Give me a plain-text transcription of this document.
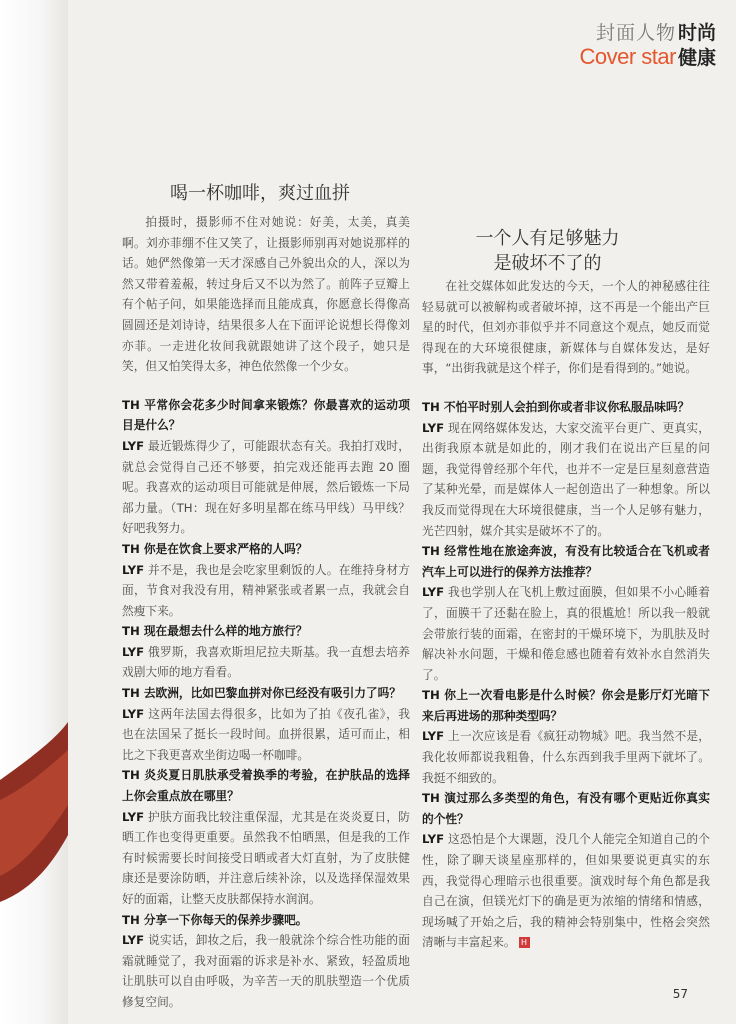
封面人物 时尚
Cover star 健康
喝一杯咖啡，爽过血拼
一个人有足够魅力
是破坏不了的

拍摄时，摄影师不住对她说：好美，太美，真美啊。刘亦菲绷不住又笑了，让摄影师别再对她说那样的话。她俨然像第一天才深感自己外貌出众的人，深以为然又带着羞赧，转过身后又不以为然了。前阵子豆瓣上有个帖子问，如果能选择而且能成真，你愿意长得像高圆圆还是刘诗诗，结果很多人在下面评论说想长得像刘亦菲。一走进化妆间我就跟她讲了这个段子，她只是笑，但又怕笑得太多，神色依然像一个少女。

TH 平常你会花多少时间拿来锻炼？你最喜欢的运动项目是什么？

LYF 最近锻炼得少了，可能跟状态有关。我拍打戏时，就总会觉得自己还不够要，拍完戏还能再去跑 20 圈呢。我喜欢的运动项目可能就是伸展，然后锻炼一下局部力量。（TH：现在好多明星都在练马甲线）马甲线？好吧我努力。

TH 你是在饮食上要求严格的人吗？

LYF 并不是，我也是会吃家里剩饭的人。在维持身材方面，节食对我没有用，精神紧张或者累一点，我就会自然瘦下来。

TH 现在最想去什么样的地方旅行？

LYF 俄罗斯，我喜欢斯坦尼拉夫斯基。我一直想去培养戏剧大师的地方看看。

TH 去欧洲，比如巴黎血拼对你已经没有吸引力了吗？

LYF 这两年法国去得很多，比如为了拍《夜孔雀》，我也在法国呆了挺长一段时间。血拼很累，适可而止，相比之下我更喜欢坐街边喝一杯咖啡。

TH 炎炎夏日肌肤承受着换季的考验，在护肤品的选择上你会重点放在哪里？

LYF 护肤方面我比较注重保湿，尤其是在炎炎夏日，防晒工作也变得更重要。虽然我不怕晒黑，但是我的工作有时候需要长时间接受日晒或者大灯直射，为了皮肤健康还是要涂防晒，并注意后续补涂，以及选择保湿效果好的面霜，让整天皮肤都保持水润润。

TH 分享一下你每天的保养步骤吧。

LYF 说实话，卸妆之后，我一般就涂个综合性功能的面霜就睡觉了，我对面霜的诉求是补水、紧致，轻盈质地让肌肤可以自由呼吸，为辛苦一天的肌肤塑造一个优质修复空间。

在社交媒体如此发达的今天，一个人的神秘感往往轻易就可以被解构或者破坏掉，这不再是一个能出产巨星的时代，但刘亦菲似乎并不同意这个观点，她反而觉得现在的大环境很健康，新媒体与自媒体发达，是好事，“出街我就是这个样子，你们是看得到的。”她说。

TH 不怕平时别人会拍到你或者非议你私服品味吗？

LYF 现在网络媒体发达，大家交流平台更广、更真实，出街我原本就是如此的，刚才我们在说出产巨星的问题，我觉得曾经那个年代，也并不一定是巨星刻意营造了某种光晕，而是媒体人一起创造出了一种想象。所以我反而觉得现在大环境很健康，当一个人足够有魅力，光芒四射，媒介其实是破坏不了的。

TH 经常性地在旅途奔波，有没有比较适合在飞机或者汽车上可以进行的保养方法推荐？

LYF 我也学别人在飞机上敷过面膜，但如果不小心睡着了，面膜干了还黏在脸上，真的很尴尬！所以我一般就会带旅行装的面霜，在密封的干燥环境下，为肌肤及时解决补水问题，干燥和倦怠感也随着有效补水自然消失了。

TH 你上一次看电影是什么时候？你会是影厅灯光暗下来后再进场的那种类型吗？

LYF 上一次应该是看《疯狂动物城》吧。我当然不是，我化妆师都说我粗鲁，什么东西到我手里两下就坏了。我挺不细致的。

TH 演过那么多类型的角色，有没有哪个更贴近你真实的个性？

LYF 这恐怕是个大课题，没几个人能完全知道自己的个性，除了聊天谈星座那样的，但如果要说更真实的东西，我觉得心理暗示也很重要。演戏时每个角色都是我自己在演，但镁光灯下的确是更为浓缩的情绪和情感，现场喊了开始之后，我的精神会特别集中，性格会突然清晰与丰富起来。 H

57
